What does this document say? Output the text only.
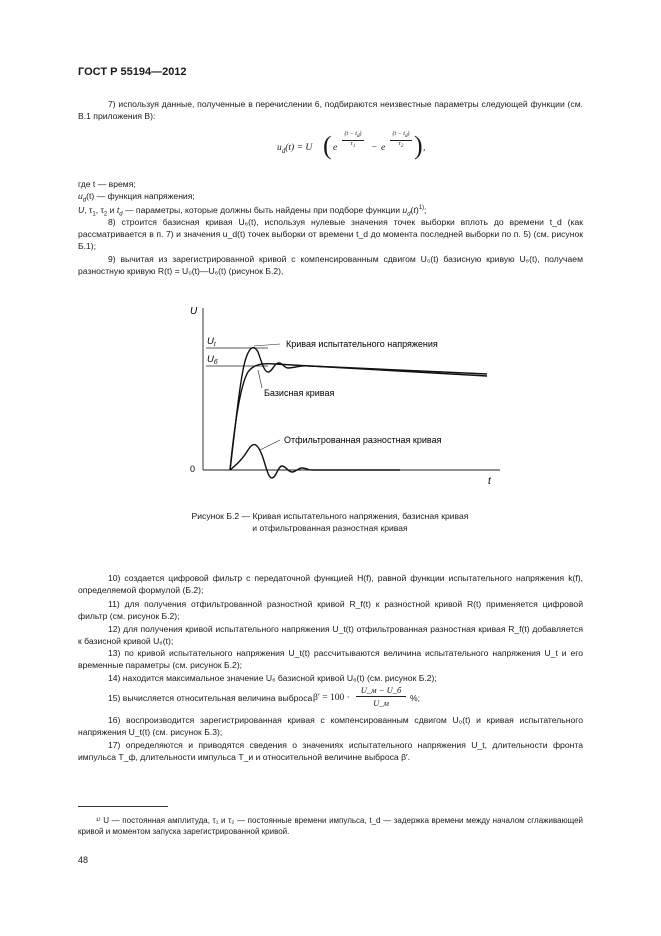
ГОСТ Р 55194—2012
7) используя данные, полученные в перечислении 6, подбираются неизвестные параметры следующей функции (см. В.1 приложения В):
$u_d(t) = U$ ( e
$(t - t_d)$
$\tau_1$	− e
$(t - t_d)$
$\tau_2$ ) ,
где t — время;
$u_d(t)$ — функция напряжения;
U, $\tau_1$, $\tau_2$ и $t_d$ — параметры, которые должны быть найдены при подборе функции $u_d(t)^{1)}$;
8) строится базисная кривая U₆(t), используя нулевые значения точек выборки вплоть до времени t_d (как рассматривается в п. 7) и значения u_d(t) точек выборки от времени t_d до момента последней выборки по п. 5) (см. рисунок Б.1);
9) вычитая из зарегистрированной кривой с компенсированным сдвигом U₀(t) базисную кривую U₆(t), получаем разностную кривую R(t) = U₀(t)—U₆(t) (рисунок Б.2),
U
t
0
$U_t$
$U_б$
Кривая испытательного напряжения
Базисная кривая
Отфильтрованная разностная кривая
Рисунок Б.2 — Кривая испытательного напряжения, базисная кривая
и отфильтрованная разностная кривая
10) создается цифровой фильтр с передаточной функцией H(f), равной функции испытательного напряжения k(f), определяемой формулой (Б.2);
11) для получения отфильтрованной разностной кривой R_f(t) к разностной кривой R(t) применяется цифровой фильтр (см. рисунок Б.2);
12) для получения кривой испытательного напряжения U_t(t) отфильтрованная разностная кривая R_f(t) добавляется к базисной кривой U₆(t);
13) по кривой испытательного напряжения U_t(t) рассчитываются величина испытательного напряжения U_t и его временные параметры (см. рисунок Б.2);
14) находится максимальное значение U₆ базисной кривой U₆(t) (см. рисунок Б.2);
15) вычисляется относительная величина выброса β′ = 100 ·
U_м − U_б
U_м	%;
16) воспроизводится зарегистрированная кривая с компенсированным сдвигом U₀(t) и кривая испытательного напряжения U_t(t) (см. рисунок Б.3);
17) определяются и приводятся сведения о значениях испытательного напряжения U_t, длительности фронта импульса T_ф, длительности импульса T_и и относительной величине выброса β′.
¹⁾ U — постоянная амплитуда, τ₁ и τ₂ — постоянные времени импульса, t_d — задержка времени между началом сглаживающей кривой и моментом запуска зарегистрированной кривой.
48
